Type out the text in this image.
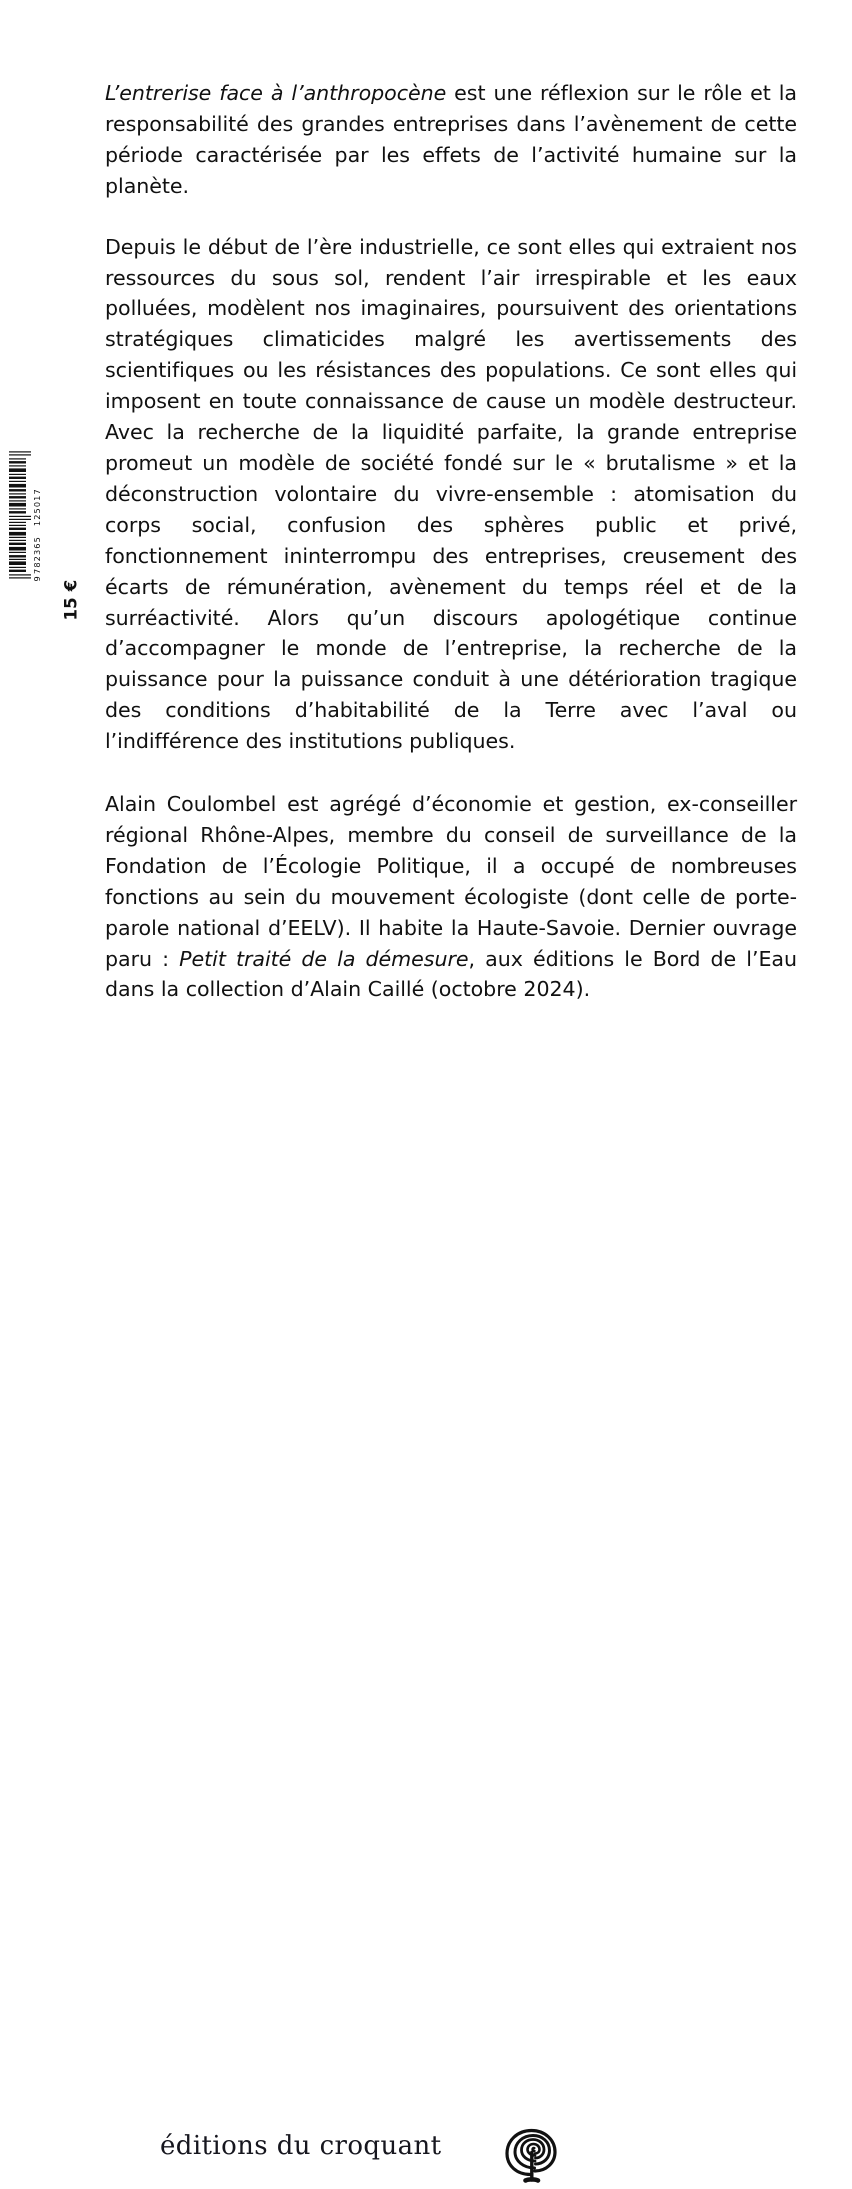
L’entrerise face à l’anthropocène est une réflexion sur le rôle et la responsabilité des grandes entreprises dans l’avènement de cette période caractérisée par les effets de l’activité humaine sur la planète.

Depuis le début de l’ère industrielle, ce sont elles qui extraient nos ressources du sous sol, rendent l’air irrespirable et les eaux polluées, modèlent nos imaginaires, poursuivent des orientations stratégiques climaticides malgré les avertissements des scientifiques ou les résistances des populations. Ce sont elles qui imposent en toute connaissance de cause un modèle destructeur. Avec la recherche de la liquidité parfaite, la grande entreprise promeut un modèle de société fondé sur le « brutalisme » et la déconstruction volontaire du vivre-ensemble : atomisation du corps social, confusion des sphères public et privé, fonctionnement ininterrompu des entreprises, creusement des écarts de rémunération, avènement du temps réel et de la surréactivité. Alors qu’un discours apologétique continue d’accompagner le monde de l’entreprise, la recherche de la puissance pour la puissance conduit à une détérioration tragique des conditions d’habitabilité de la Terre avec l’aval ou l’indifférence des institutions publiques.

Alain Coulombel est agrégé d’économie et gestion, ex-conseiller régional Rhône-Alpes, membre du conseil de surveillance de la Fondation de l’Écologie Politique, il a occupé de nombreuses fonctions au sein du mouvement écologiste (dont celle de porte-parole national d’EELV). Il habite la Haute-Savoie. Dernier ouvrage paru : Petit traité de la démesure, aux éditions le Bord de l’Eau dans la collection d’Alain Caillé (octobre 2024).

9
782365
125017
15 €
éditions du croquant
